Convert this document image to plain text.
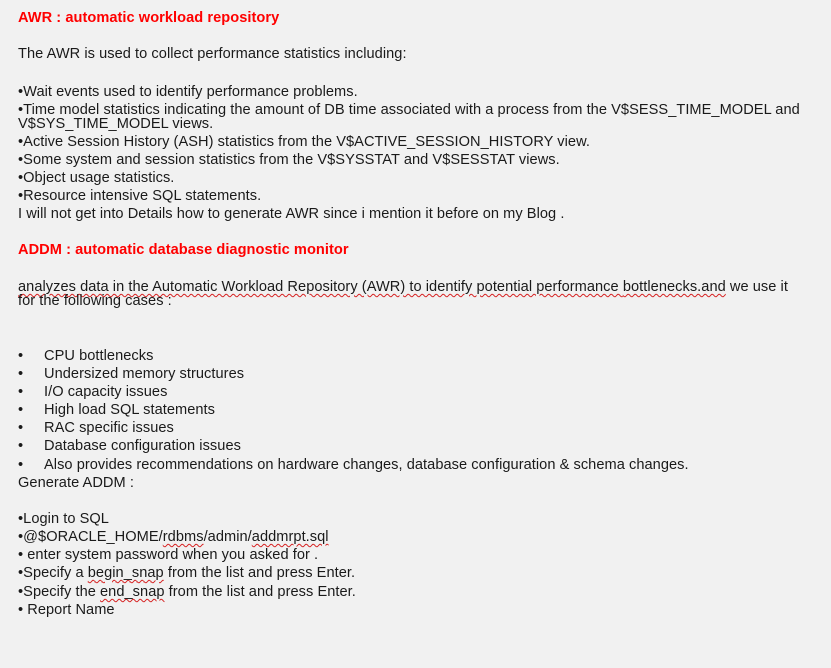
AWR : automatic workload repository
The AWR is used to collect performance statistics including:
•Wait events used to identify performance problems.
•Time model statistics indicating the amount of DB time associated with a process from the V$SESS_TIME_MODEL and V$SYS_TIME_MODEL views.
•Active Session History (ASH) statistics from the V$ACTIVE_SESSION_HISTORY view.
•Some system and session statistics from the V$SYSSTAT and V$SESSTAT views.
•Object usage statistics.
•Resource intensive SQL statements.
I will not get into Details how to generate AWR since i mention it before on my Blog .
ADDM : automatic database diagnostic monitor
analyzes data in the Automatic Workload Repository (AWR) to identify potential performance bottlenecks.and we use it for the following cases :
• CPU bottlenecks
• Undersized memory structures
• I/O capacity issues
• High load SQL statements
• RAC specific issues
• Database configuration issues
• Also provides recommendations on hardware changes, database configuration & schema changes.
Generate ADDM :
•Login to SQL
•@$ORACLE_HOME/rdbms/admin/addmrpt.sql
• enter system password when you asked for .
•Specify a begin_snap from the list and press Enter.
•Specify the end_snap from the list and press Enter.
• Report Name
